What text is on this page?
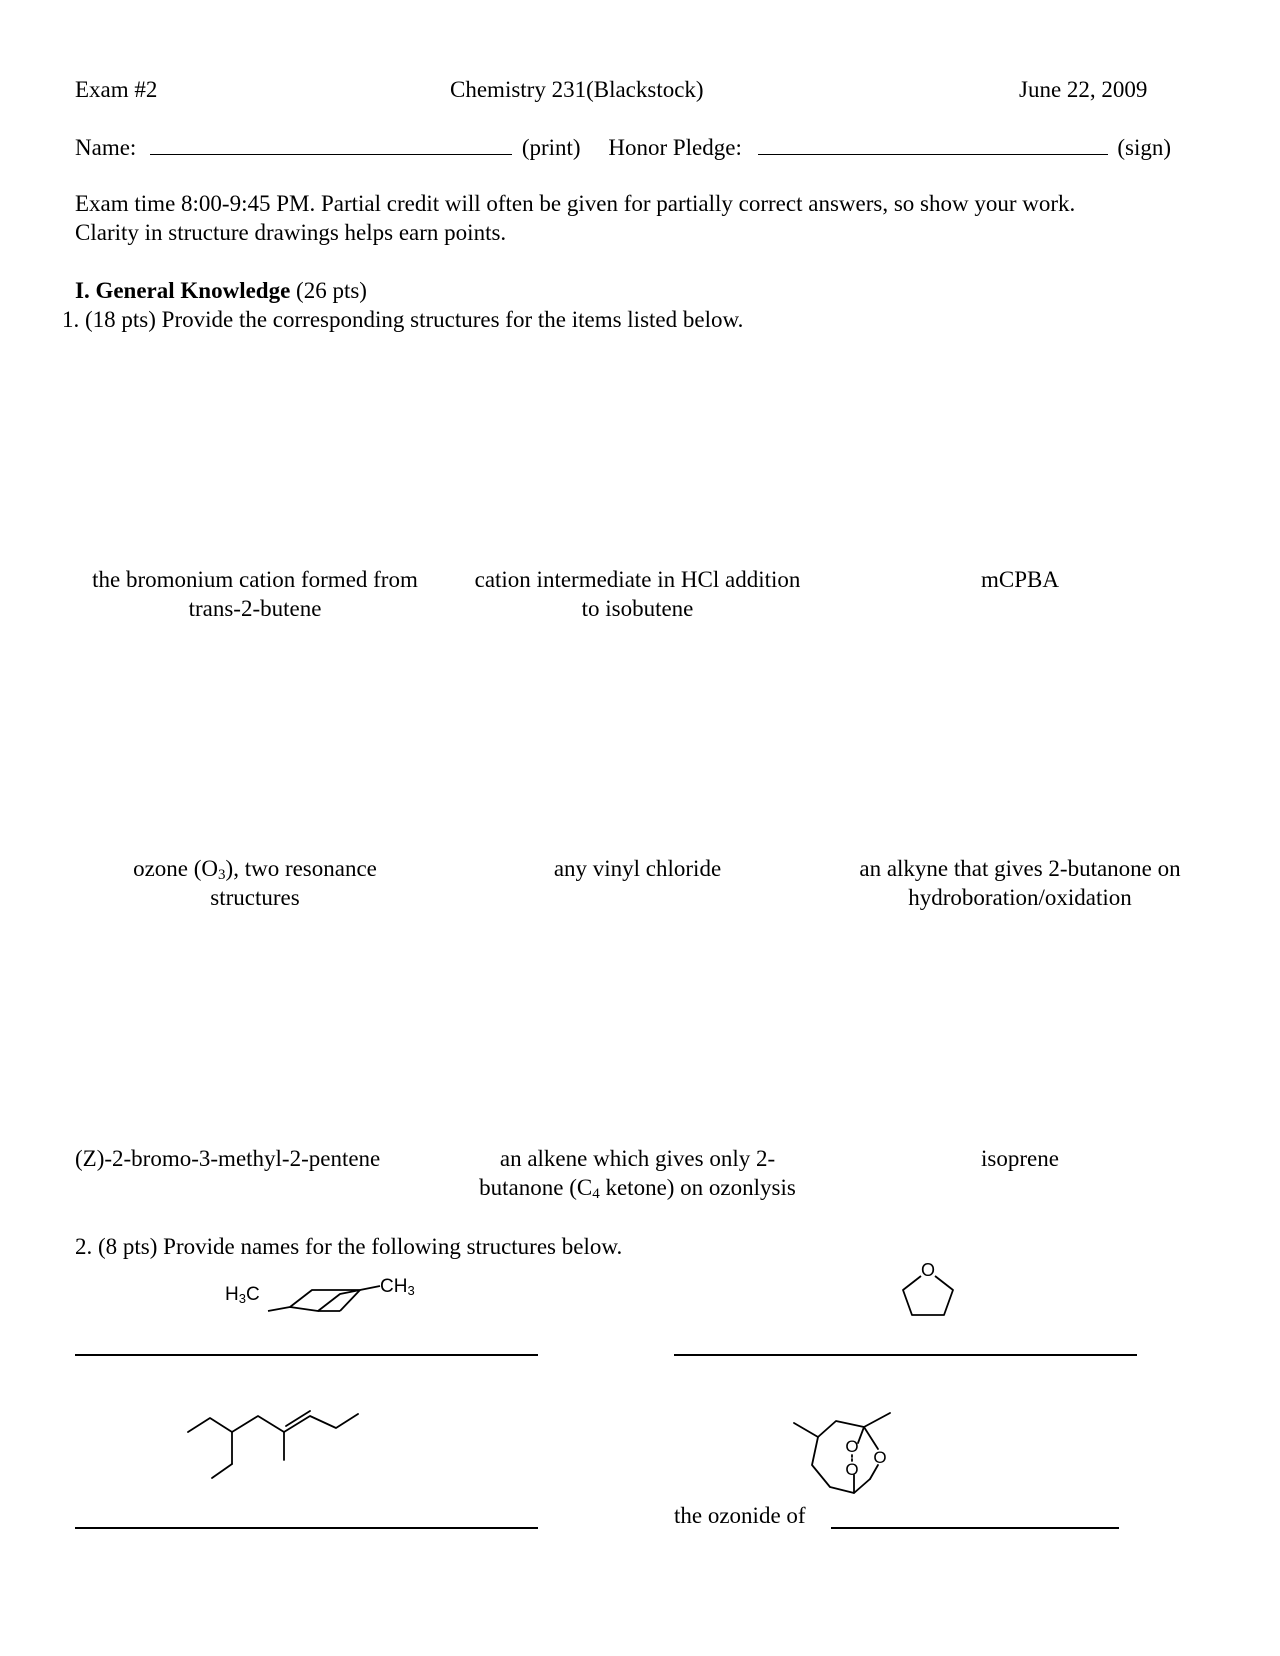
Exam #2	Chemistry 231(Blackstock)	June 22, 2009
Name:	(print) Honor Pledge:	(sign)
Exam time 8:00-9:45 PM. Partial credit will often be given for partially correct answers, so show your work.
Clarity in structure drawings helps earn points.
I. General Knowledge (26 pts)
1. (18 pts) Provide the corresponding structures for the items listed below.
the bromonium cation formed from
trans-2-butene
cation intermediate in HCl addition
to isobutene
mCPBA
ozone $(O_3)$, two resonance
structures
any vinyl chloride	an alkyne that gives 2-butanone on
hydroboration/oxidation
(Z)-2-bromo-3-methyl-2-pentene	an alkene which gives only 2-
butanone ($C_4$ ketone) on ozonlysis
isoprene
2. (8 pts) Provide names for the following structures below.
$H_3C$	$CH_3$
O
O
O
O
the ozonide of
